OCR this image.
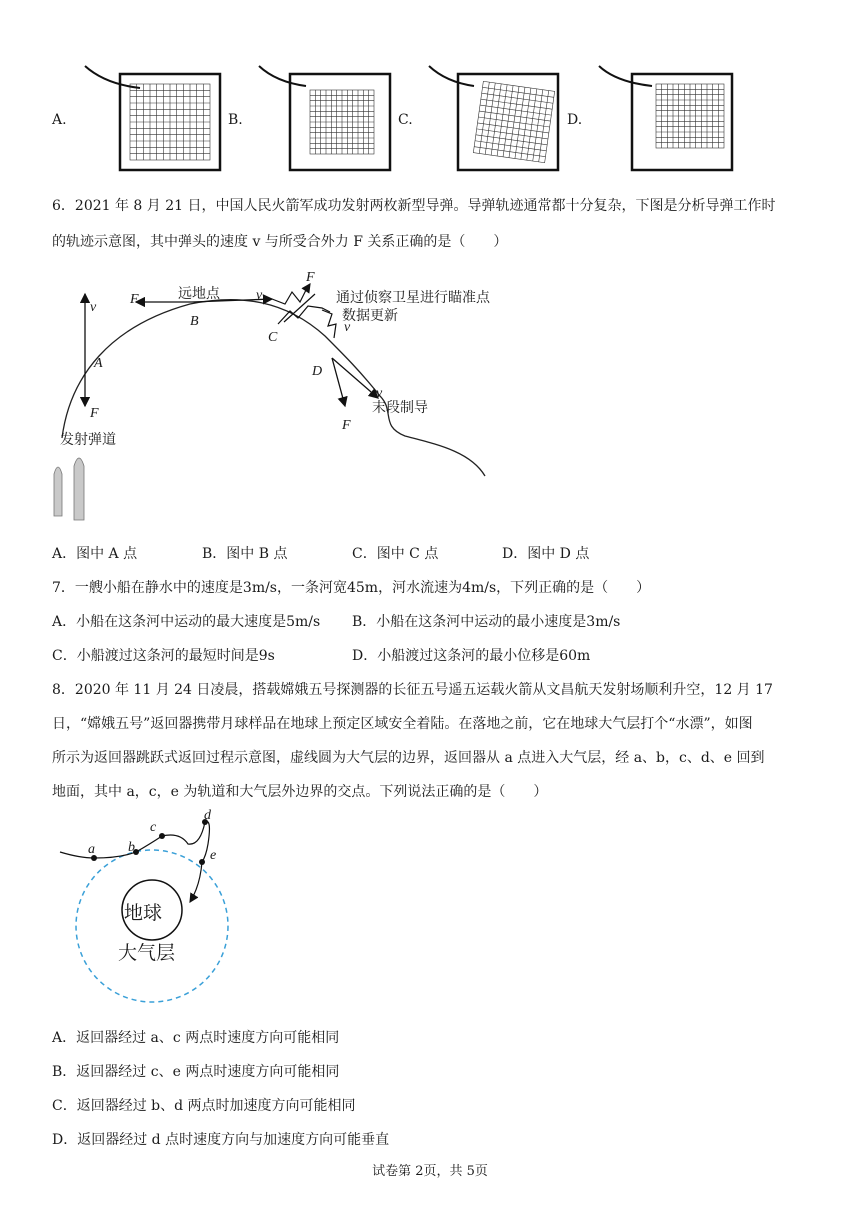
A.	B.	C.	D.
6．2021 年 8 月 21 日，中国人民火箭军成功发射两枚新型导弹。导弹轨迹通常都十分复杂，下图是分析导弹工作时
的轨迹示意图，其中弹头的速度 v 与所受合外力 F 关系正确的是（　　）
远地点	通过侦察卫星进行瞄准点
数据更新
末段制导
发射弹道
A
B
C
D
v
F
F	v
F
v
v
F
A．图中 A 点	B．图中 B 点	C．图中 C 点	D．图中 D 点
7．一艘小船在静水中的速度是3m/s，一条河宽45m，河水流速为4m/s，下列正确的是（　　）
A．小船在这条河中运动的最大速度是5m/s B．小船在这条河中运动的最小速度是3m/s
C．小船渡过这条河的最短时间是9s	D．小船渡过这条河的最小位移是60m
8．2020 年 11 月 24 日凌晨，搭载嫦娥五号探测器的长征五号遥五运载火箭从文昌航天发射场顺利升空，12 月 17
日，“嫦娥五号”返回器携带月球样品在地球上预定区域安全着陆。在落地之前，它在地球大气层打个“水漂”，如图
所示为返回器跳跃式返回过程示意图，虚线圆为大气层的边界，返回器从 a 点进入大气层，经 a、b，c、d、e 回到
地面，其中 a，c，e 为轨道和大气层外边界的交点。下列说法正确的是（　　）
a b
c
d
e
地球
大气层
A．返回器经过 a、c 两点时速度方向可能相同
B．返回器经过 c、e 两点时速度方向可能相同
C．返回器经过 b、d 两点时加速度方向可能相同
D．返回器经过 d 点时速度方向与加速度方向可能垂直
试卷第 2页，共 5页
